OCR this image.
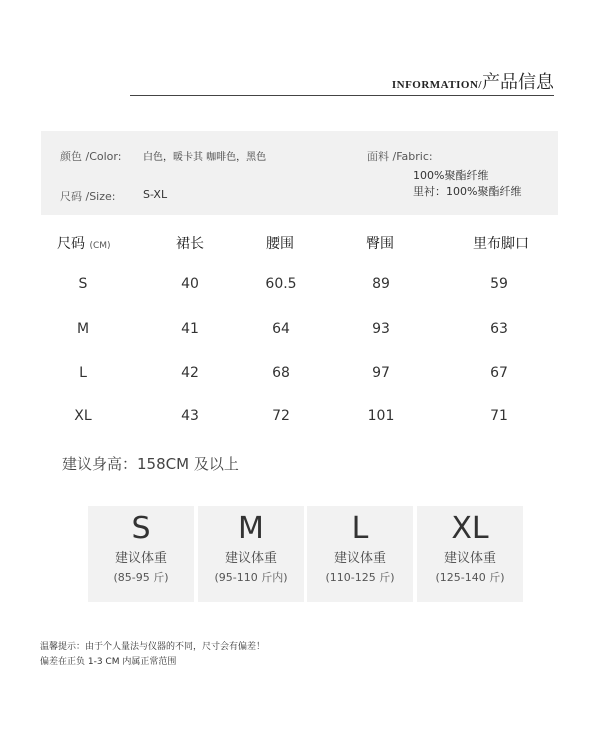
INFORMATION/产品信息
颜色 /Color: 白色，暖卡其 咖啡色，黑色
尺码 /Size:	S-XL
面料 /Fabric:
100%聚酯纤维
里衬：100%聚酯纤维
尺码 (CM)	裙长	腰围	臀围	里布脚口
S	40	60.5	89	59
M	41	64	93	63
L	42	68	97	67
XL	43	72	101	71
建议身高：158CM 及以上
S
建议体重
(85-95 斤)
M
建议体重
(95-110 斤内)
L
建议体重
(110-125 斤)
XL
建议体重
(125-140 斤)
温馨提示：由于个人量法与仪器的不同，尺寸会有偏差！
偏差在正负 1-3 CM 内属正常范围
